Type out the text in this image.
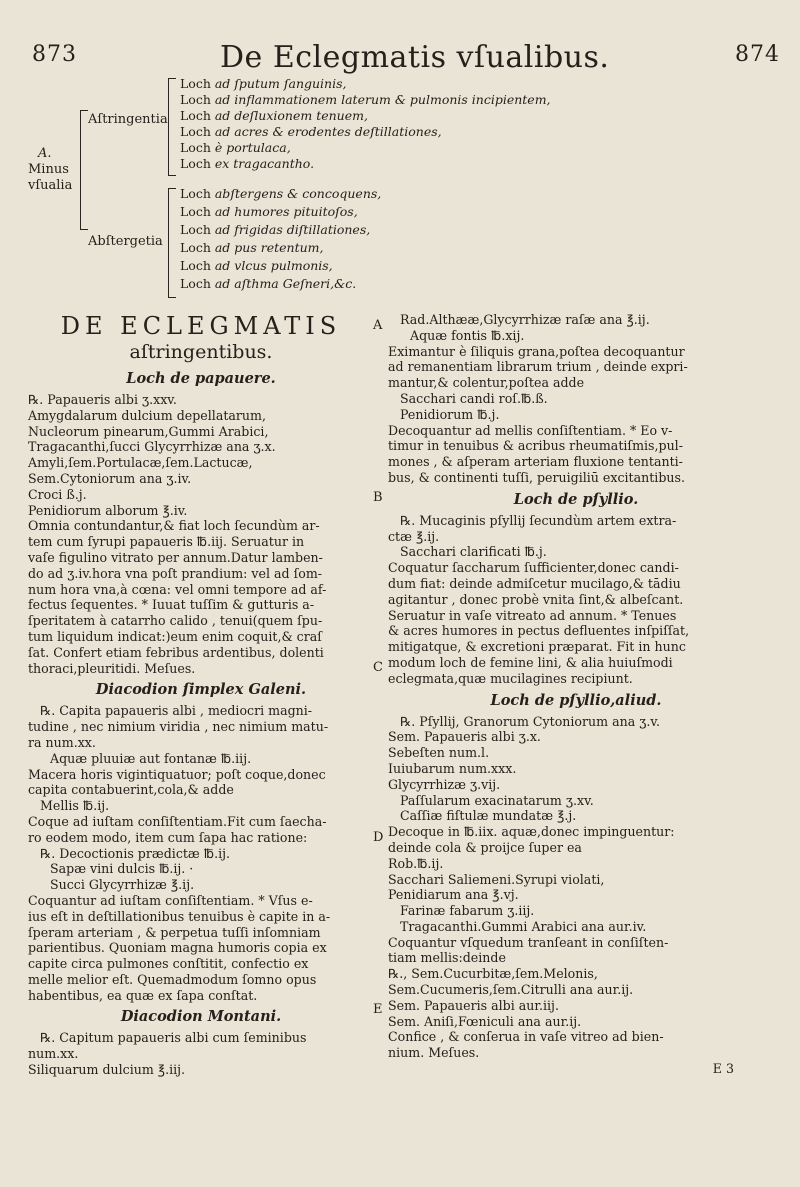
873	De Eclegmatis vſualibus.	874
A.
Minus vſualia
Aſtringentia
Loch ad ſputum ſanguinis,
Loch ad inflammationem laterum & pulmonis incipientem,
Loch ad deſluxionem tenuem,
Loch ad acres & erodentes deſtillationes,
Loch è portulaca,
Loch ex tragacantho.
Abſtergetia
Loch abſtergens & concoquens,
Loch ad humores pituitoſos,
Loch ad frigidas diſtillationes,
Loch ad pus retentum,
Loch ad vlcus pulmonis,
Loch ad aſthma Geſneri,&c.
A
B
C
D
E
DE ECLEGMATIS
aſtringentibus.
Loch de papauere.
℞. Papaueris albi ʒ.xxv.
Amygdalarum dulcium depellatarum,
Nucleorum pinearum,Gummi Arabici,
Tragacanthi,ſucci Glycyrrhizæ ana ʒ.x.
Amyli,ſem.Portulacæ,ſem.Lactucæ,
Sem.Cytoniorum ana ʒ.iv.
Croci ß.j.
Penidiorum alborum ℥.iv.
Omnia contundantur,& fiat loch ſecundùm ar-
tem cum ſyrupi papaueris ℔.iij. Seruatur in
vaſe figulino vitrato per annum.Datur lamben-
do ad ʒ.iv.hora vna poſt prandium: vel ad ſom-
num hora vna,à cœna: vel omni tempore ad af-
fectus ſequentes. * Iuuat tuſſim & gutturis a-
ſperitatem à catarrho calido , tenui(quem ſpu-
tum liquidum indicat:)eum enim coquit,& craſ
ſat. Confert etiam febribus ardentibus, dolenti
thoraci,pleuritidi. Meſues.
Diacodion ſimplex Galeni.
℞. Capita papaueris albi , mediocri magni-
tudine , nec nimium viridia , nec nimium matu-
ra num.xx.
Aquæ pluuiæ aut fontanæ ℔.iij.
Macera horis vigintiquatuor; poſt coque,donec
capita contabuerint,cola,& adde
Mellis ℔.ij.
Coque ad iuſtam conſiſtentiam.Fit cum ſaecha-
ro eodem modo, item cum ſapa hac ratione:
℞. Decoctionis prædictæ ℔.ij.
Sapæ vini dulcis ℔.ij. ·
Succi Glycyrrhizæ ℥.ij.
Coquantur ad iuſtam conſiſtentiam. * Vſus e-
ius eſt in deſtillationibus tenuibus è capite in a-
ſperam arteriam , & perpetua tuſſi inſomniam
parientibus. Quoniam magna humoris copia ex
capite circa pulmones conſtitit, confectio ex
melle melior eſt. Quemadmodum ſomno opus
habentibus, ea quæ ex ſapa conſtat.
Diacodion Montani.
℞. Capitum papaueris albi cum ſeminibus
num.xx.
Siliquarum dulcium ℥.iij.
Rad.Althææ,Glycyrrhizæ raſæ ana ℥.ij.
Aquæ fontis ℔.xij.
Eximantur è ſiliquis grana,poſtea decoquantur
ad remanentiam librarum trium , deinde expri-
mantur,& colentur,poſtea adde
Sacchari candi roſ.℔.ß.
Penidiorum ℔.j.
Decoquantur ad mellis conſiſtentiam. * Eo v-
timur in tenuibus & acribus rheumatiſmis,pul-
mones , & aſperam arteriam fluxione tentanti-
bus, & continenti tuſſi, peruigiliū excitantibus.
Loch de pſyllio.
℞. Mucaginis pſyllij ſecundùm artem extra-
ctæ ℥.ij.
Sacchari clarificati ℔.j.
Coquatur ſaccharum ſufficienter,donec candi-
dum fiat: deinde admiſcetur mucilago,& tādiu
agitantur , donec probè vnita ſint,& albeſcant.
Seruatur in vaſe vitreato ad annum. * Tenues
& acres humores in pectus defluentes inſpiſſat,
mitigatque, & excretioni præparat. Fit in hunc
modum loch de femine lini, & alia huiuſmodi
eclegmata,quæ mucilagines recipiunt.
Loch de pſyllio,aliud.
℞. Pſyllij, Granorum Cytoniorum ana ʒ.v.
Sem. Papaueris albi ʒ.x.
Sebeſten num.l.
Iuiubarum num.xxx.
Glycyrrhizæ ʒ.vij.
Paſſularum exacinatarum ʒ.xv.
Caſſiæ fiſtulæ mundatæ ℥.j.
Decoque in ℔.iix. aquæ,donec impinguentur:
deinde cola & proijce ſuper ea
Rob.℔.ij.
Sacchari Saliemeni.Syrupi violati,
Penidiarum ana ℥.vj.
Farinæ fabarum ʒ.iij.
Tragacanthi.Gummi Arabici ana aur.iv.
Coquantur vſquedum tranſeant in conſiſten-
tiam mellis:deinde
℞., Sem.Cucurbitæ,ſem.Melonis,
Sem.Cucumeris,ſem.Citrulli ana aur.ij.
Sem. Papaueris albi aur.iij.
Sem. Aniſi,Fœniculi ana aur.ij.
Confice , & conſerua in vaſe vitreo ad bien-
nium. Meſues.
E 3
